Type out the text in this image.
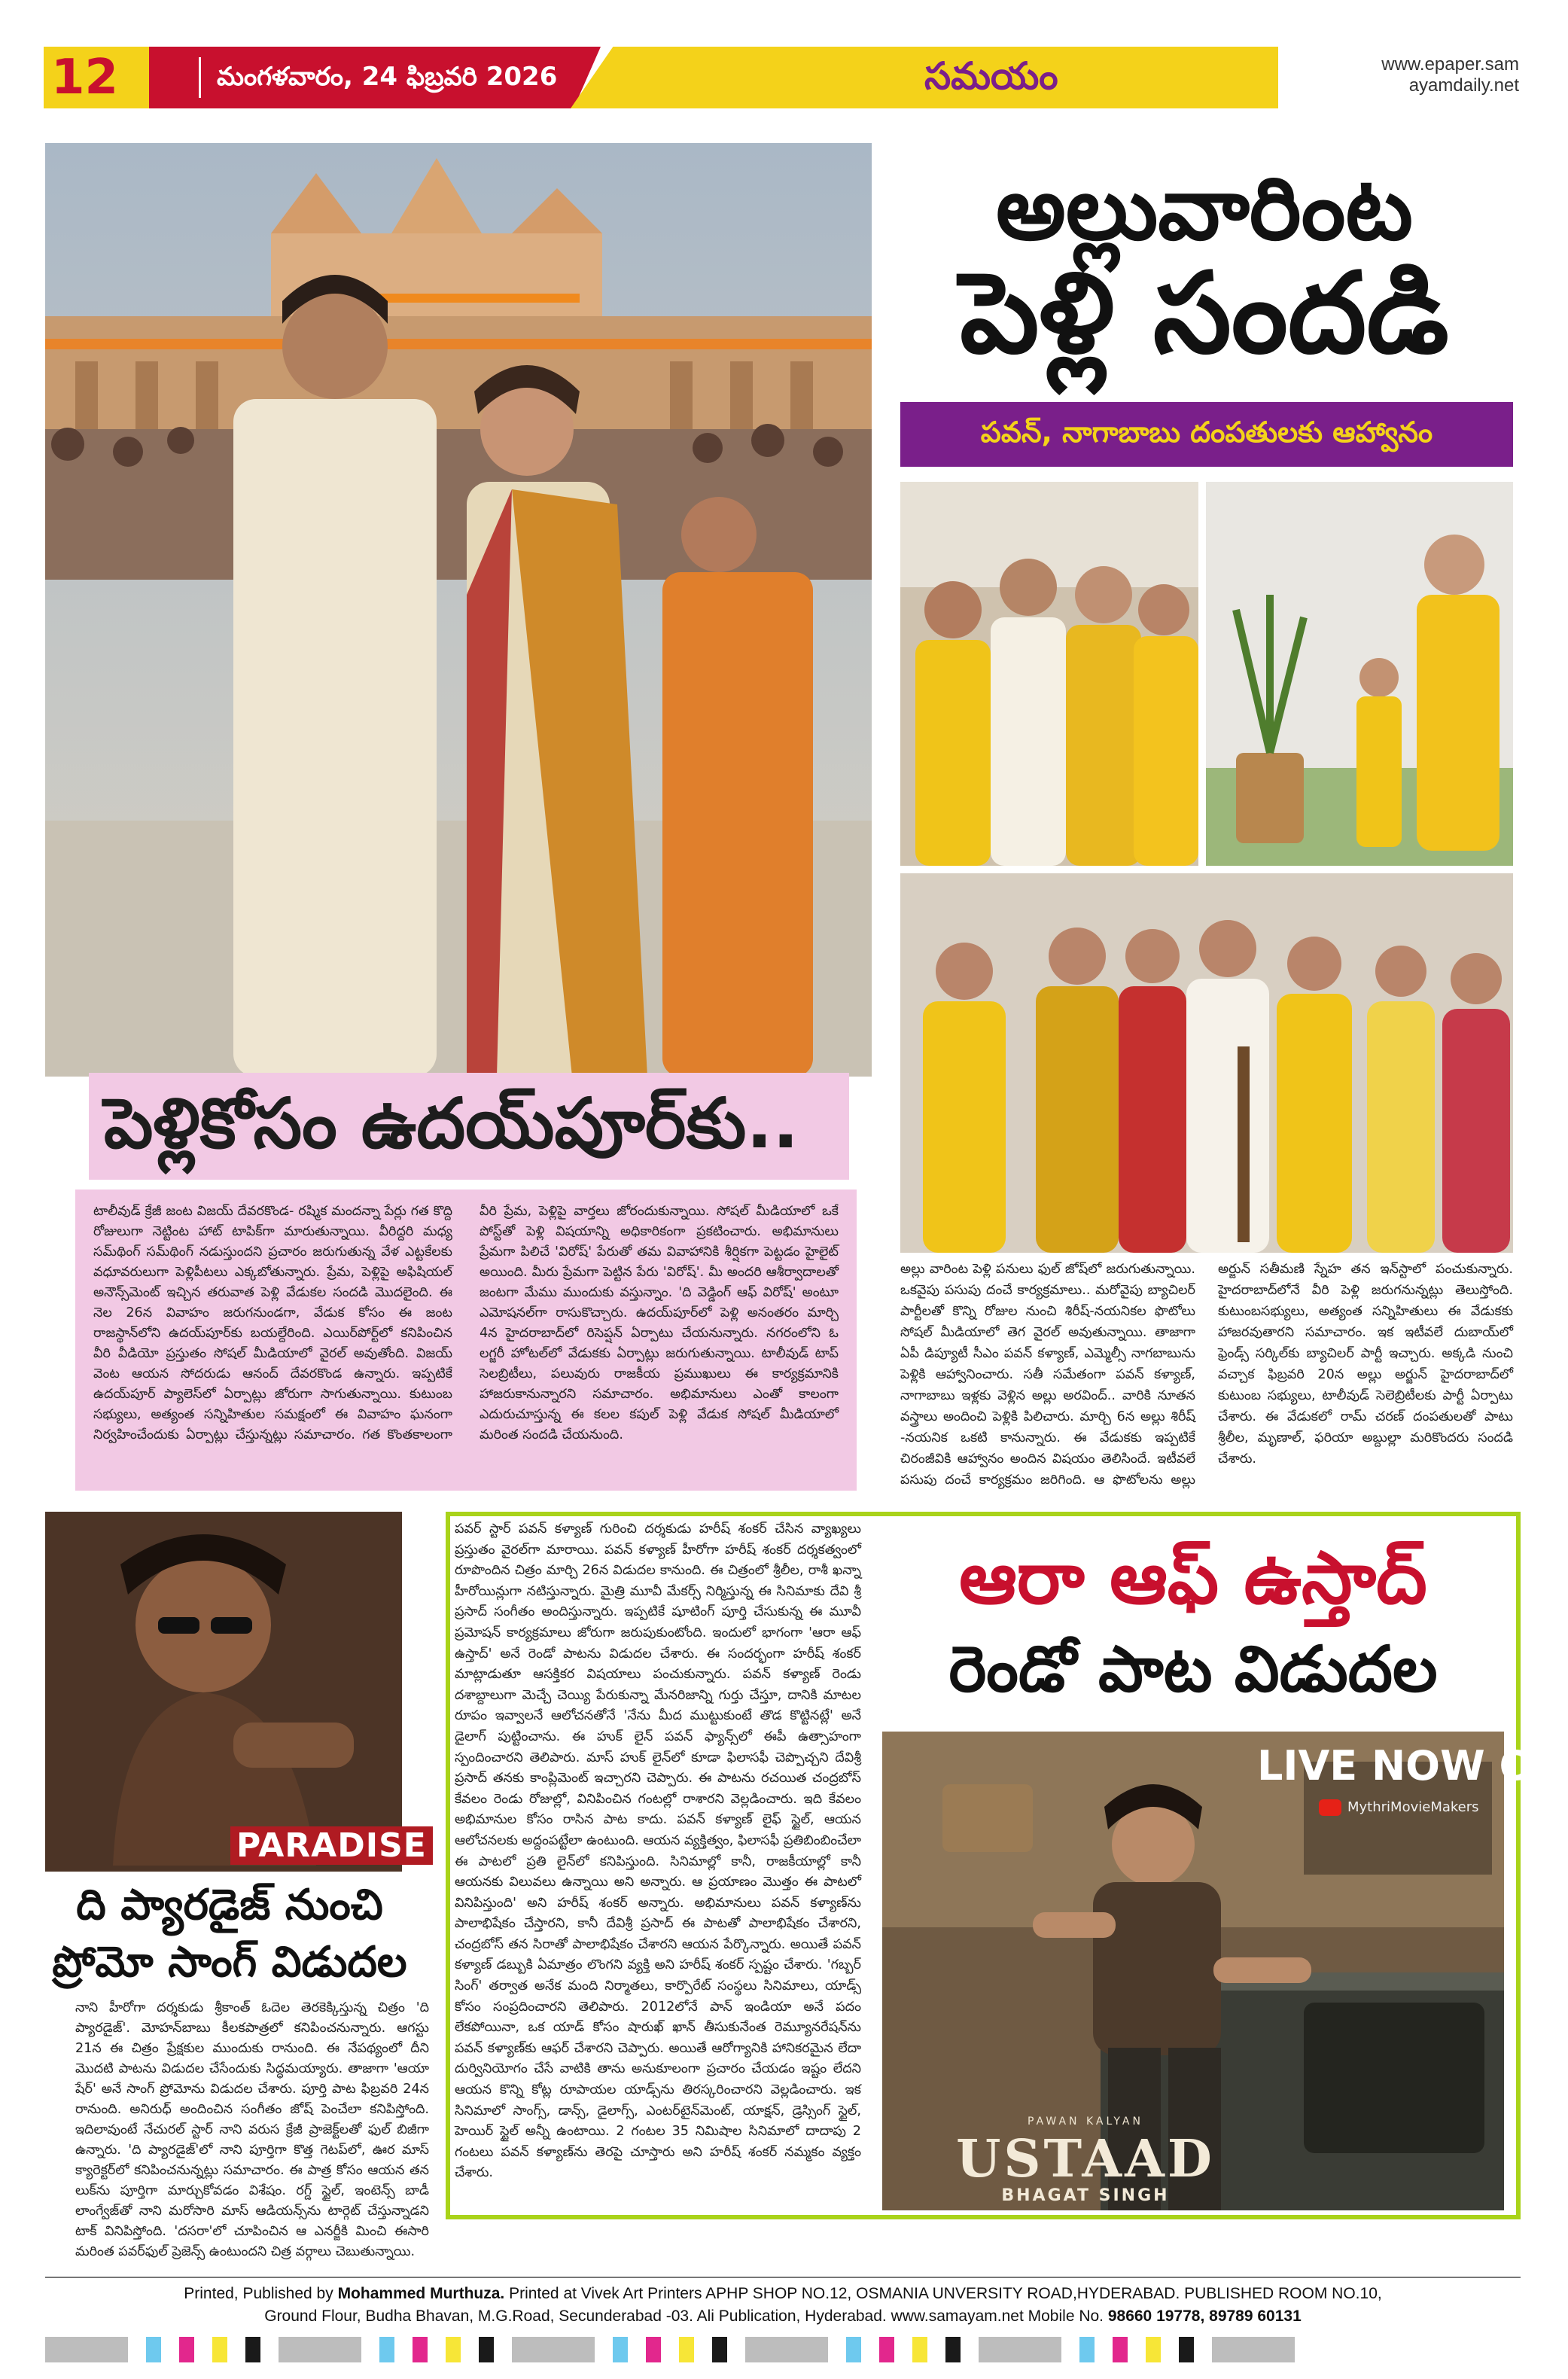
12	మంగళవారం, 24 ఫిబ్రవరి 2026	సమయం	www.epaper.sam
ayamdaily.net
పెళ్లికోసం ఉదయ్‌పూర్‌కు..
టాలీవుడ్ క్రేజీ జంట విజయ్ దేవరకొండ- రష్మిక మందన్నా పేర్లు గత కొద్ది రోజులుగా నెట్టింట హాట్ టాపిక్‌గా మారుతున్నాయి. వీరిద్దరి మధ్య సమ్‌థింగ్ సమ్‌థింగ్ నడుస్తుందని ప్రచారం జరుగుతున్న వేళ ఎట్టకేలకు వధూవరులుగా పెళ్లిపీటలు ఎక్కబోతున్నారు. ప్రేమ, పెళ్లిపై అఫిషియల్ అనౌన్స్‌మెంట్ ఇచ్చిన తరువాత పెళ్లి వేడుకల సందడి మొదలైంది. ఈ నెల 26న వివాహం జరుగనుండగా, వేడుక కోసం ఈ జంట రాజస్థాన్‌లోని ఉదయ్‌పూర్‌కు బయల్దేరింది. ఎయిర్‌పోర్ట్‌లో కనిపించిన వీరి వీడియో ప్రస్తుతం సోషల్ మీడియాలో వైరల్ అవుతోంది. విజయ్ వెంట ఆయన సోదరుడు ఆనంద్ దేవరకొండ ఉన్నారు. ఇప్పటికే ఉదయ్‌పూర్ ప్యాలెస్‌లో ఏర్పాట్లు జోరుగా సాగుతున్నాయి. కుటుంబ సభ్యులు, అత్యంత సన్నిహితుల సమక్షంలో ఈ వివాహం ఘనంగా నిర్వహించేందుకు ఏర్పాట్లు చేస్తున్నట్లు సమాచారం. గత కొంతకాలంగా వీరి ప్రేమ, పెళ్లిపై వార్తలు జోరందుకున్నాయి. సోషల్ మీడియాలో ఒకే పోస్ట్‌తో పెళ్లి విషయాన్ని అధికారికంగా ప్రకటించారు. అభిమానులు ప్రేమగా పిలిచే 'విరోష్' పేరుతో తమ వివాహానికి శీర్షికగా పెట్టడం హైలైట్ అయింది. మీరు ప్రేమగా పెట్టిన పేరు 'విరోష్'. మీ అందరి ఆశీర్వాదాలతో జంటగా మేము ముందుకు వస్తున్నాం. 'ది వెడ్డింగ్ ఆఫ్ విరోష్' అంటూ ఎమోషనల్‌గా రాసుకొచ్చారు. ఉదయ్‌పూర్‌లో పెళ్లి అనంతరం మార్చి 4న హైదరాబాద్‌లో రిసెప్షన్ ఏర్పాటు చేయనున్నారు. నగరంలోని ఓ లగ్జరీ హోటల్‌లో వేడుకకు ఏర్పాట్లు జరుగుతున్నాయి. టాలీవుడ్ టాప్ సెలబ్రిటీలు, పలువురు రాజకీయ ప్రముఖులు ఈ కార్యక్రమానికి హాజరుకానున్నారని సమాచారం. అభిమానులు ఎంతో కాలంగా ఎదురుచూస్తున్న ఈ కలల కపుల్ పెళ్లి వేడుక సోషల్ మీడియాలో మరింత సందడి చేయనుంది.
అల్లువారింట
పెళ్లి సందడి
పవన్, నాగాబాబు దంపతులకు ఆహ్వానం
అల్లు వారింట పెళ్లి పనులు ఫుల్ జోష్‌లో జరుగుతున్నాయి. ఒకవైపు పసుపు దంచే కార్యక్రమాలు.. మరోవైపు బ్యాచిలర్ పార్టీలతో కొన్ని రోజుల నుంచి శిరీష్-నయనికల ఫొటోలు సోషల్ మీడియాలో తెగ వైరల్ అవుతున్నాయి. తాజాగా ఏపీ డిప్యూటీ సీఎం పవన్ కళ్యాణ్, ఎమ్మెల్సీ నాగబాబును పెళ్లికి ఆహ్వానించారు. సతీ సమేతంగా పవన్ కళ్యాణ్, నాగాబాబు ఇళ్లకు వెళ్లిన అల్లు అరవింద్.. వారికి నూతన వస్త్రాలు అందించి పెళ్లికి పిలిచారు. మార్చి 6న అల్లు శిరీష్ -నయనిక ఒకటి కానున్నారు. ఈ వేడుకకు ఇప్పటికే చిరంజీవికి ఆహ్వానం అందిన విషయం తెలిసిందే. ఇటీవలే పసుపు దంచే కార్యక్రమం జరిగింది. ఆ ఫొటోలను అల్లు అర్జున్ సతీమణి స్నేహ తన ఇన్‌స్టాలో పంచుకున్నారు. హైదరాబాద్‌లోనే వీరి పెళ్లి జరుగనున్నట్లు తెలుస్తోంది. కుటుంబసభ్యులు, అత్యంత సన్నిహితులు ఈ వేడుకకు హాజరవుతారని సమాచారం. ఇక ఇటీవలే దుబాయ్‌లో ఫ్రెండ్స్ సర్కిల్‌కు బ్యాచిలర్ పార్టీ ఇచ్చారు. అక్కడి నుంచి వచ్చాక ఫిబ్రవరి 20న అల్లు అర్జున్ హైదరాబాద్‌లో కుటుంబ సభ్యులు, టాలీవుడ్ సెలెబ్రిటీలకు పార్టీ ఏర్పాటు చేశారు. ఈ వేడుకలో రామ్ చరణ్ దంపతులతో పాటు శ్రీలీల, మృణాల్, ఫరియా అబ్దుల్లా మరికొందరు సందడి చేశారు.
PARADISE
ది ప్యారడైజ్ నుంచి
ప్రోమో సాంగ్ విడుదల
నాని హీరోగా దర్శకుడు శ్రీకాంత్ ఓదెల తెరకెక్కిస్తున్న చిత్రం 'ది ప్యారడైజ్'. మోహన్‌బాబు కీలకపాత్రలో కనిపించనున్నారు. ఆగస్టు 21న ఈ చిత్రం ప్రేక్షకుల ముందుకు రానుంది. ఈ నేపథ్యంలో దీని మొదటి పాటను విడుదల చేసేందుకు సిద్ధమయ్యారు. తాజాగా 'ఆయా షేర్' అనే సాంగ్ ప్రోమోను విడుదల చేశారు. పూర్తి పాట ఫిబ్రవరి 24న రానుంది. అనిరుధ్ అందించిన సంగీతం జోష్ పెంచేలా కనిపిస్తోంది. ఇదిలావుంటే నేచురల్ స్టార్ నాని వరుస క్రేజీ ప్రాజెక్ట్‌లతో ఫుల్ బిజీగా ఉన్నారు. 'ది ప్యారడైజ్'లో నాని పూర్తిగా కొత్త గెటప్‌లో, ఊర మాస్ క్యారెక్టర్‌లో కనిపించనున్నట్లు సమాచారం. ఈ పాత్ర కోసం ఆయన తన లుక్‌ను పూర్తిగా మార్చుకోవడం విశేషం. రగ్డ్ స్టైల్, ఇంటెన్స్ బాడీ లాంగ్వేజ్‌తో నాని మరోసారి మాస్ ఆడియన్స్‌ను టార్గెట్ చేస్తున్నాడని టాక్ వినిపిస్తోంది. 'దసరా'లో చూపించిన ఆ ఎనర్జీకి మించి ఈసారి మరింత పవర్‌ఫుల్ ప్రెజెన్స్ ఉంటుందని చిత్ర వర్గాలు చెబుతున్నాయి.
పవర్ స్టార్ పవన్ కళ్యాణ్ గురించి దర్శకుడు హరీష్ శంకర్ చేసిన వ్యాఖ్యలు ప్రస్తుతం వైరల్‌గా మారాయి. పవన్ కళ్యాణ్ హీరోగా హరీష్ శంకర్ దర్శకత్వంలో రూపొందిన చిత్రం మార్చి 26న విడుదల కానుంది. ఈ చిత్రంలో శ్రీలీల, రాశీ ఖన్నా హీరోయిన్లుగా నటిస్తున్నారు. మైత్రి మూవీ మేకర్స్ నిర్మిస్తున్న ఈ సినిమాకు దేవి శ్రీ ప్రసాద్ సంగీతం అందిస్తున్నారు. ఇప్పటికే షూటింగ్ పూర్తి చేసుకున్న ఈ మూవీ ప్రమోషన్ కార్యక్రమాలు జోరుగా జరుపుకుంటోంది. ఇందులో భాగంగా 'ఆరా ఆఫ్ ఉస్తాద్' అనే రెండో పాటను విడుదల చేశారు. ఈ సందర్భంగా హరీష్ శంకర్ మాట్లాడుతూ ఆసక్తికర విషయాలు పంచుకున్నారు. పవన్ కళ్యాణ్ రెండు దశాబ్దాలుగా మెచ్చే చెయ్యి పేరుకున్నా మేనరిజాన్ని గుర్తు చేస్తూ, దానికి మాటల రూపం ఇవ్వాలనే ఆలోచనతోనే 'నేను మీద ముట్టుకుంటే తొడ కొట్టినట్లే' అనే డైలాగ్ పుట్టించాను. ఈ హుక్ లైన్ పవన్ ఫ్యాన్స్‌లో ఈపీ ఉత్సాహంగా స్పందించారని తెలిపారు. మాస్ హుక్ లైన్‌లో కూడా ఫిలాసఫీ చెప్పొచ్చని దేవిశ్రీ ప్రసాద్ తనకు కాంప్లిమెంట్ ఇచ్చారని చెప్పారు. ఈ పాటను రచయిత చంద్రబోస్ కేవలం రెండు రోజుల్లో, వినిపించిన గంటల్లో రాశారని వెల్లడించారు. ఇది కేవలం అభిమానుల కోసం రాసిన పాట కాదు. పవన్ కళ్యాణ్ లైఫ్ స్టైల్, ఆయన ఆలోచనలకు అద్దంపట్టేలా ఉంటుంది. ఆయన వ్యక్తిత్వం, ఫిలాసఫీ ప్రతిబింబించేలా ఈ పాటలో ప్రతి లైన్‌లో కనిపిస్తుంది. సినిమాల్లో కానీ, రాజకీయాల్లో కానీ ఆయనకు విలువలు ఉన్నాయి అని అన్నారు. ఆ ప్రయాణం మొత్తం ఈ పాటలో వినిపిస్తుంది' అని హరీష్ శంకర్ అన్నారు. అభిమానులు పవన్ కళ్యాణ్‌ను పాలాభిషేకం చేస్తారని, కానీ దేవిశ్రీ ప్రసాద్ ఈ పాటతో పాలాభిషేకం చేశారని, చంద్రబోస్ తన సిరాతో పాలాభిషేకం చేశారని ఆయన పేర్కొన్నారు. అయితే పవన్ కళ్యాణ్ డబ్బుకి ఏమాత్రం లొంగని వ్యక్తి అని హరీష్ శంకర్ స్పష్టం చేశారు. 'గబ్బర్ సింగ్' తర్వాత అనేక మంది నిర్మాతలు, కార్పొరేట్ సంస్థలు సినిమాలు, యాడ్స్ కోసం సంప్రదించారని తెలిపారు. 2012లోనే పాన్ ఇండియా అనే పదం లేకపోయినా, ఒక యాడ్ కోసం షారుఖ్ ఖాన్ తీసుకునేంత రెమ్యూనరేషన్‌ను పవన్ కళ్యాణ్‌కు ఆఫర్ చేశారని చెప్పారు. అయితే ఆరోగ్యానికి హానికరమైన లేదా దుర్వినియోగం చేసే వాటికి తాను అనుకూలంగా ప్రచారం చేయడం ఇష్టం లేదని ఆయన కొన్ని కోట్ల రూపాయల యాడ్స్‌ను తిరస్కరించారని వెల్లడించారు. ఇక సినిమాలో సాంగ్స్, డాన్స్, డైలాగ్స్, ఎంటర్‌టైన్‌మెంట్, యాక్షన్, డ్రెస్సింగ్ స్టైల్, హెయిర్ స్టైల్ అన్నీ ఉంటాయి. 2 గంటల 35 నిమిషాల సినిమాలో దాదాపు 2 గంటలు పవన్ కళ్యాణ్‌ను తెరపై చూస్తారు అని హరీష్ శంకర్ నమ్మకం వ్యక్తం చేశారు.
ఆరా ఆఫ్ ఉస్తాద్
రెండో పాట విడుదల
LIVE NOW ON
MythriMovieMakers
PAWAN KALYAN
USTAAD
BHAGAT SINGH
Printed, Published by Mohammed Murthuza. Printed at Vivek Art Printers APHP SHOP NO.12, OSMANIA UNVERSITY ROAD,HYDERABAD. PUBLISHED ROOM NO.10,
Ground Flour, Budha Bhavan, M.G.Road, Secunderabad -03. Ali Publication, Hyderabad. www.samayam.net Mobile No. 98660 19778, 89789 60131
